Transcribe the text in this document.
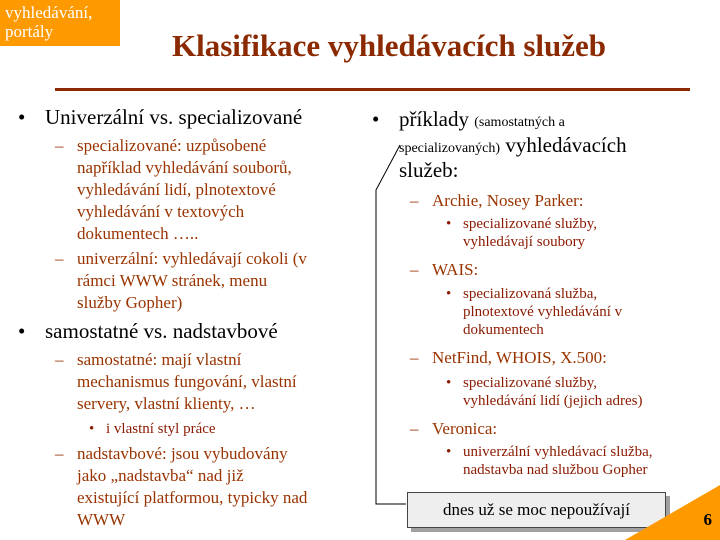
vyhledávání,
portály	Klasifikace vyhledávacích služeb
• Univerzální vs. specializované
– specializované: uzpůsobené
například vyhledávání souborů,
vyhledávání lidí, plnotextové
vyhledávání v textových
dokumentech …..
– univerzální: vyhledávají cokoli (v
rámci WWW stránek, menu
služby Gopher)
• samostatné vs. nadstavbové
– samostatné: mají vlastní
mechanismus fungování, vlastní
servery, vlastní klienty, …
• i vlastní styl práce
– nadstavbové: jsou vybudovány
jako „nadstavba“ nad již
existující platformou, typicky nad
WWW
• příklady (samostatných a
specializovaných) vyhledávacích
služeb:
– Archie, Nosey Parker:
• specializované služby,
vyhledávají soubory
– WAIS:
• specializovaná služba,
plnotextové vyhledávání v
dokumentech
– NetFind, WHOIS, X.500:
• specializované služby,
vyhledávání lidí (jejich adres)
– Veronica:
• univerzální vyhledávací služba,
nadstavba nad službou Gopher
dnes už se moc nepoužívají
6
